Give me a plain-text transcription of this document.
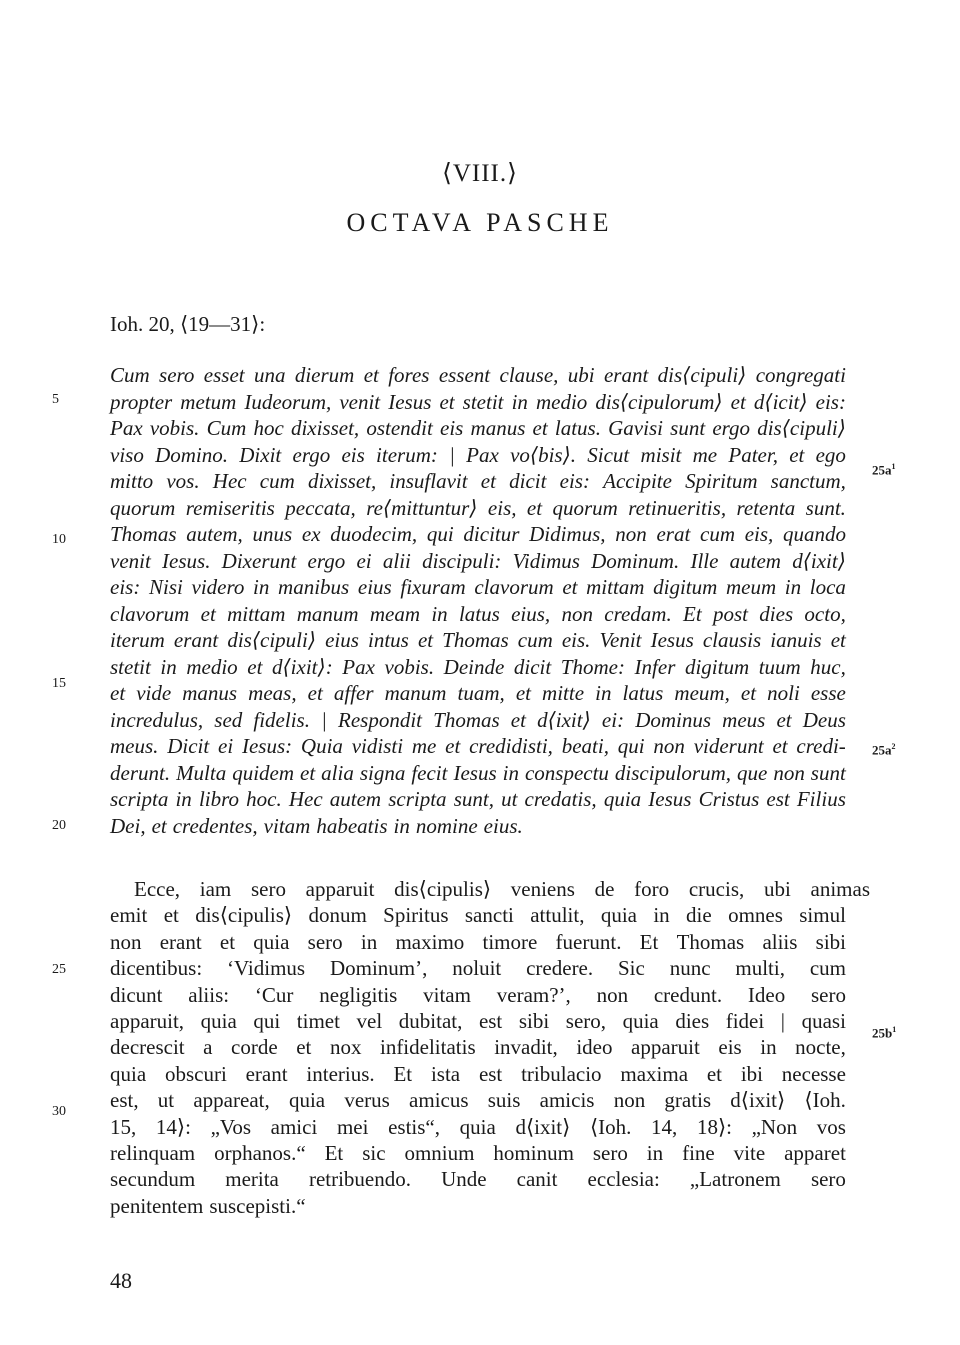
⟨VIII.⟩
OCTAVA PASCHE
Ioh. 20, ⟨19—31⟩:
Cum sero esset una dierum et fores essent clause, ubi erant dis⟨cipuli⟩ congregati
propter metum Iudeorum, venit Iesus et stetit in medio dis⟨cipulorum⟩ et d⟨icit⟩ eis:
Pax vobis. Cum hoc dixisset, ostendit eis manus et latus. Gavisi sunt ergo dis⟨cipuli⟩
viso Domino. Dixit ergo eis iterum: | Pax vo⟨bis⟩. Sicut misit me Pater, et ego
mitto vos. Hec cum dixisset, insuflavit et dicit eis: Accipite Spiritum sanctum,
quorum remiseritis peccata, re⟨mittuntur⟩ eis, et quorum retinueritis, retenta sunt.
Thomas autem, unus ex duodecim, qui dicitur Didimus, non erat cum eis, quando
venit Iesus. Dixerunt ergo ei alii discipuli: Vidimus Dominum. Ille autem d⟨ixit⟩
eis: Nisi videro in manibus eius fixuram clavorum et mittam digitum meum in loca
clavorum et mittam manum meam in latus eius, non credam. Et post dies octo,
iterum erant dis⟨cipuli⟩ eius intus et Thomas cum eis. Venit Iesus clausis ianuis et
stetit in medio et d⟨ixit⟩: Pax vobis. Deinde dicit Thome: Infer digitum tuum huc,
et vide manus meas, et affer manum tuam, et mitte in latus meum, et noli esse
incredulus, sed fidelis. | Respondit Thomas et d⟨ixit⟩ ei: Dominus meus et Deus
meus. Dicit ei Iesus: Quia vidisti me et credidisti, beati, qui non viderunt et credi-
derunt. Multa quidem et alia signa fecit Iesus in conspectu discipulorum, que non sunt
scripta in libro hoc. Hec autem scripta sunt, ut credatis, quia Iesus Cristus est Filius
Dei, et credentes, vitam habeatis in nomine eius.
Ecce, iam sero apparuit dis⟨cipulis⟩ veniens de foro crucis, ubi animas
emit et dis⟨cipulis⟩ donum Spiritus sancti attulit, quia in die omnes simul
non erant et quia sero in maximo timore fuerunt. Et Thomas aliis sibi
dicentibus: ‘Vidimus Dominum’, noluit credere. Sic nunc multi, cum
dicunt aliis: ‘Cur negligitis vitam veram?’, non credunt. Ideo sero
apparuit, quia qui timet vel dubitat, est sibi sero, quia dies fidei | quasi
decrescit a corde et nox infidelitatis invadit, ideo apparuit eis in nocte,
quia obscuri erant interius. Et ista est tribulacio maxima et ibi necesse
est, ut appareat, quia verus amicus suis amicis non gratis d⟨ixit⟩ ⟨Ioh.
15, 14⟩: „Vos amici mei estis“, quia d⟨ixit⟩ ⟨Ioh. 14, 18⟩: „Non vos
relinquam orphanos.“ Et sic omnium hominum sero in fine vite apparet
secundum merita retribuendo. Unde canit ecclesia: „Latronem sero
penitentem suscepisti.“
5
10
15
20
25
30
$25a^1$
$25a^2$
$25b^1$
48
